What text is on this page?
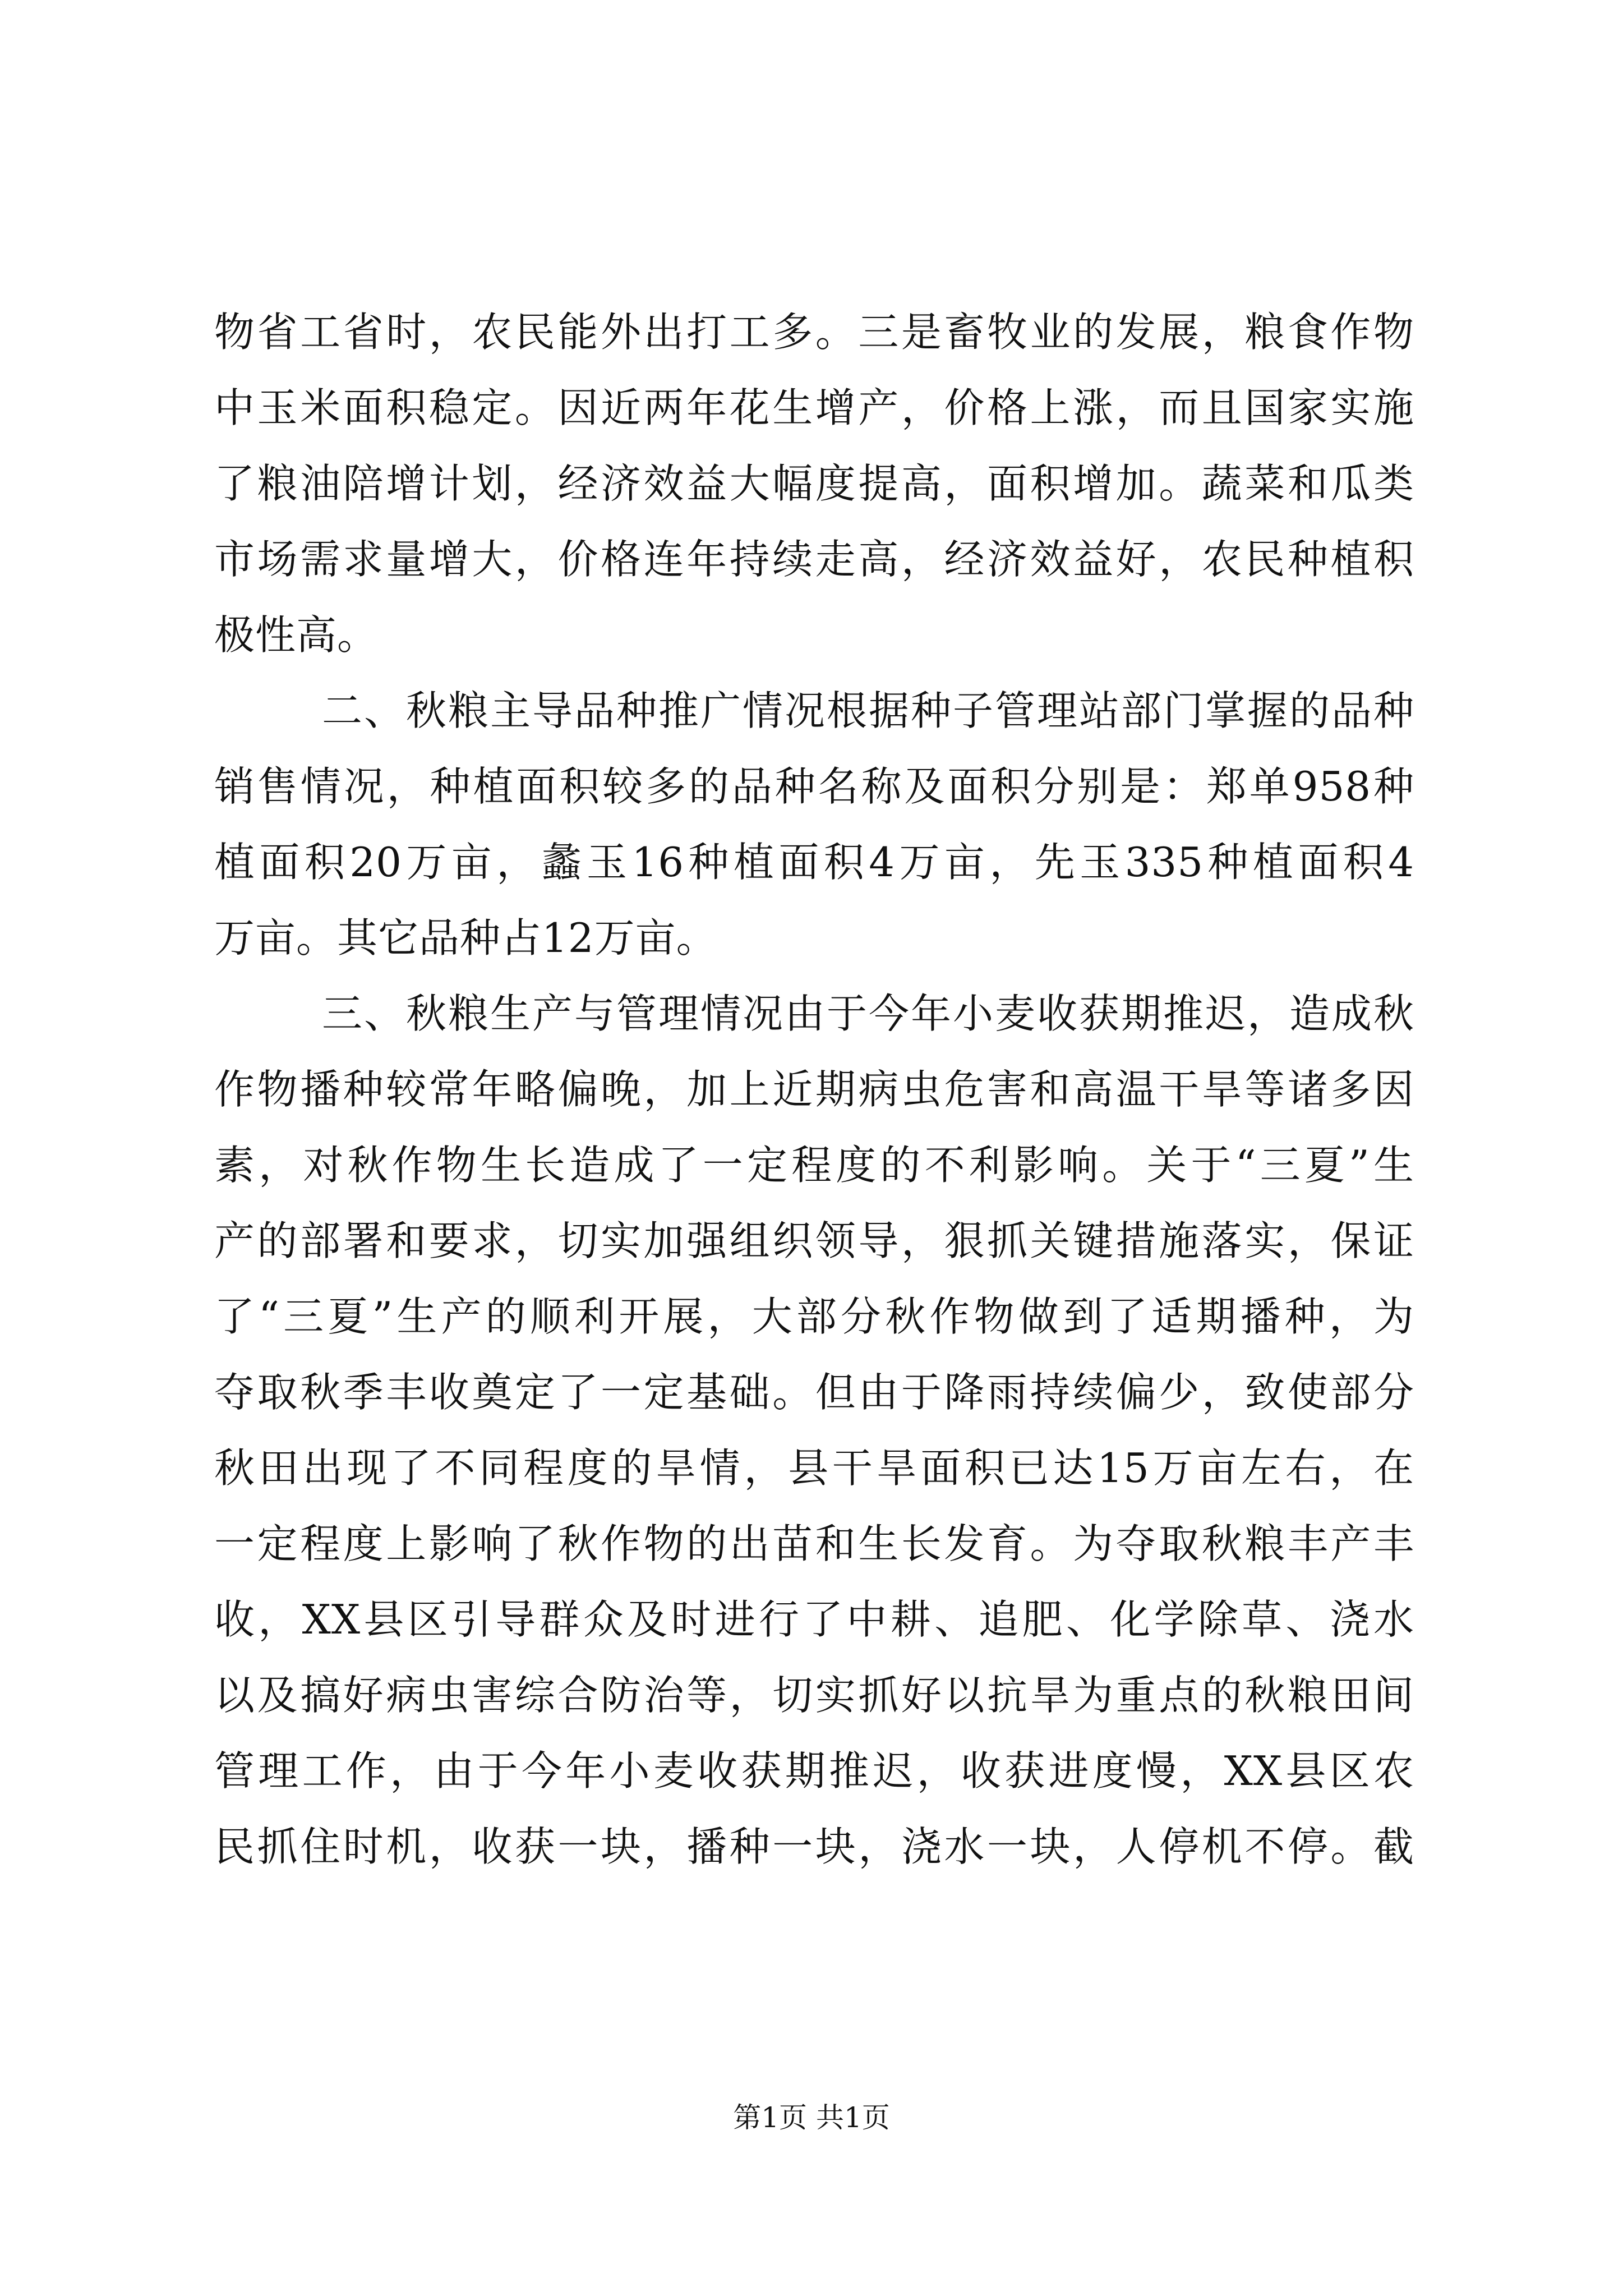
物省工省时，农民能外出打工多。三是畜牧业的发展，粮食作物
中玉米面积稳定。因近两年花生增产，价格上涨，而且国家实施
了粮油陪增计划，经济效益大幅度提高，面积增加。蔬菜和瓜类
市场需求量增大，价格连年持续走高，经济效益好，农民种植积
极性高。
二、秋粮主导品种推广情况根据种子管理站部门掌握的品种
销售情况，种植面积较多的品种名称及面积分别是：郑单958种
植面积20万亩，蠡玉16种植面积4万亩，先玉335种植面积4
万亩。其它品种占12万亩。
三、秋粮生产与管理情况由于今年小麦收获期推迟，造成秋
作物播种较常年略偏晚，加上近期病虫危害和高温干旱等诸多因
素，对秋作物生长造成了一定程度的不利影响。关于“三夏”生
产的部署和要求，切实加强组织领导，狠抓关键措施落实，保证
了“三夏”生产的顺利开展，大部分秋作物做到了适期播种，为
夺取秋季丰收奠定了一定基础。但由于降雨持续偏少，致使部分
秋田出现了不同程度的旱情，县干旱面积已达15万亩左右，在
一定程度上影响了秋作物的出苗和生长发育。为夺取秋粮丰产丰
收，XX县区引导群众及时进行了中耕、追肥、化学除草、浇水
以及搞好病虫害综合防治等，切实抓好以抗旱为重点的秋粮田间
管理工作，由于今年小麦收获期推迟，收获进度慢，XX县区农
民抓住时机，收获一块，播种一块，浇水一块，人停机不停。截
第1页 共1页
